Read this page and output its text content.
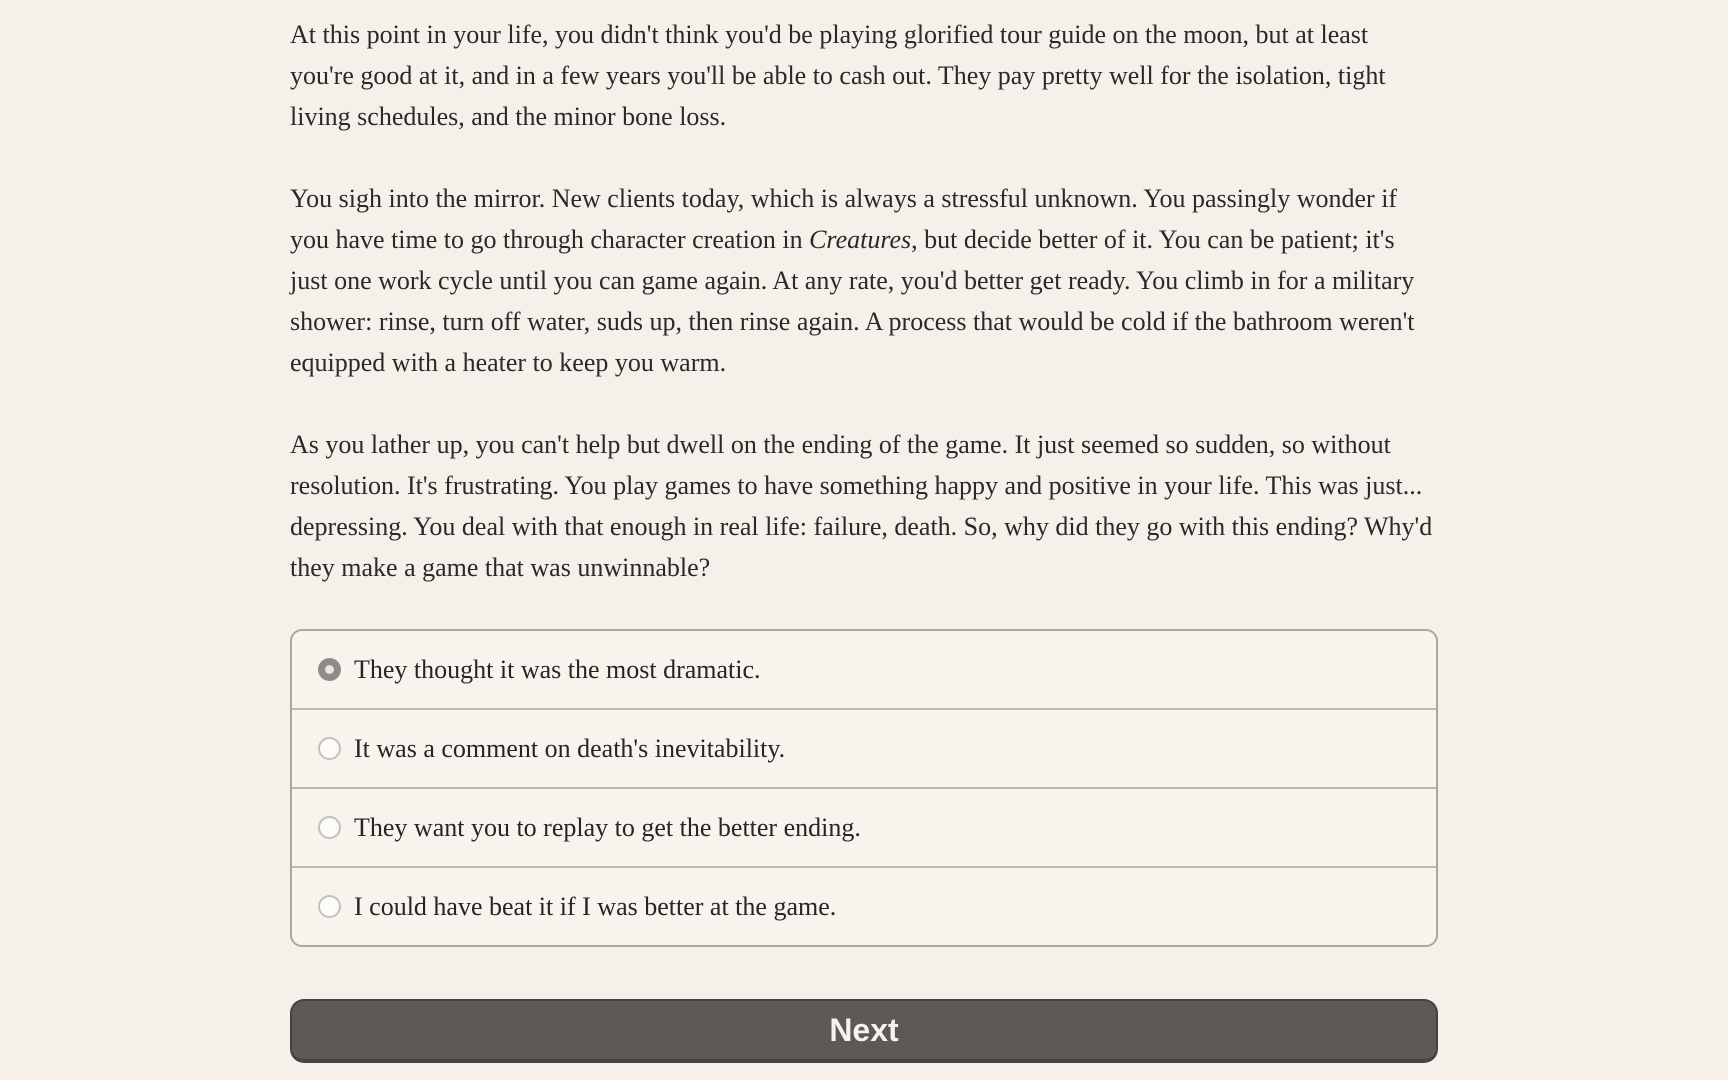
At this point in your life, you didn't think you'd be playing glorified tour guide on the moon, but at least you're good at it, and in a few years you'll be able to cash out. They pay pretty well for the isolation, tight living schedules, and the minor bone loss.

You sigh into the mirror. New clients today, which is always a stressful unknown. You passingly wonder if you have time to go through character creation in Creatures, but decide better of it. You can be patient; it's just one work cycle until you can game again. At any rate, you'd better get ready. You climb in for a military shower: rinse, turn off water, suds up, then rinse again. A process that would be cold if the bathroom weren't equipped with a heater to keep you warm.

As you lather up, you can't help but dwell on the ending of the game. It just seemed so sudden, so without resolution. It's frustrating. You play games to have something happy and positive in your life. This was just... depressing. You deal with that enough in real life: failure, death. So, why did they go with this ending? Why'd they make a game that was unwinnable?

They thought it was the most dramatic.
It was a comment on death's inevitability.
They want you to replay to get the better ending.
I could have beat it if I was better at the game.
Next
